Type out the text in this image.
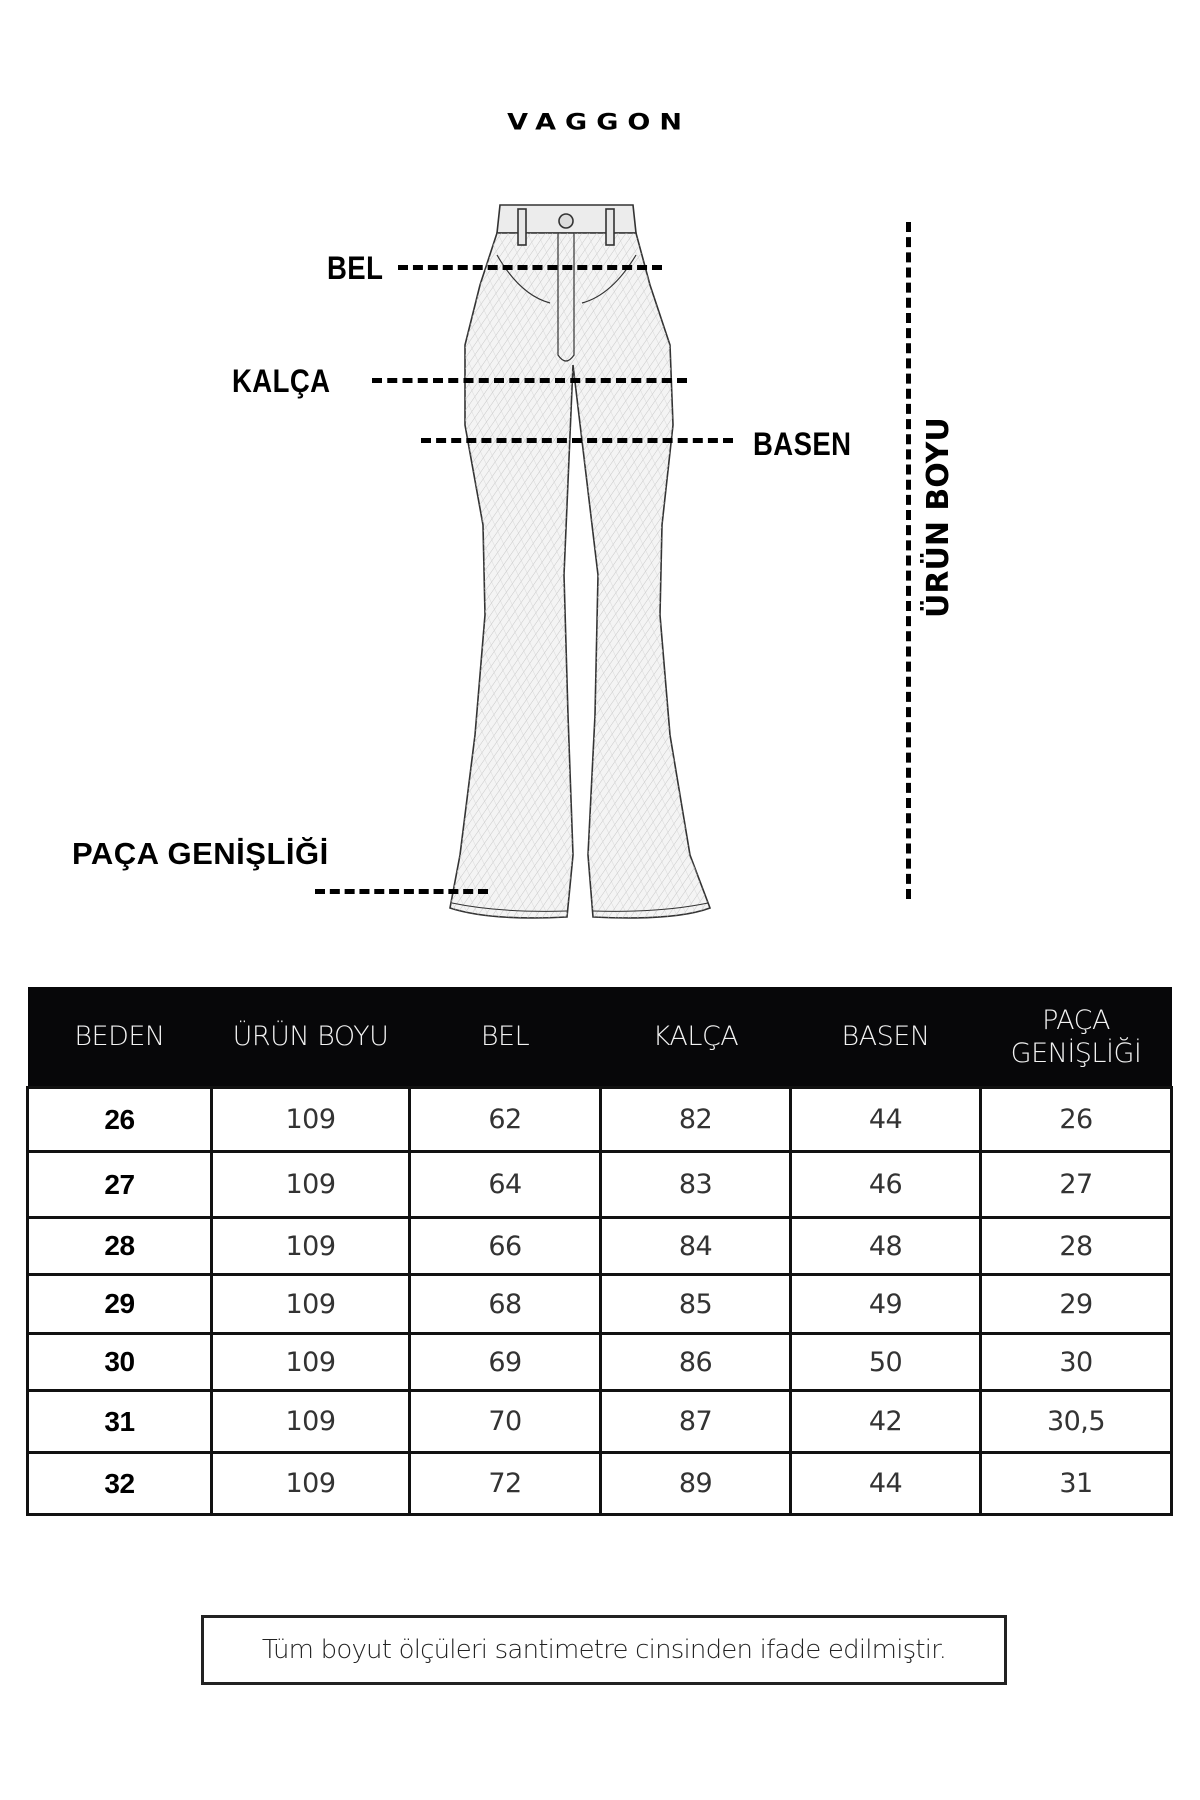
VAGGON
BEL
KALÇA
BASEN
PAÇA GENİŞLİĞİ
ÜRÜN BOYU
BEDEN	ÜRÜN BOYU	BEL	KALÇA	BASEN	PAÇA
GENİŞLİĞİ
26	109	62	82	44	26
27	109	64	83	46	27
28	109	66	84	48	28
29	109	68	85	49	29
30	109	69	86	50	30
31	109	70	87	42	30,5
32	109	72	89	44	31
Tüm boyut ölçüleri santimetre cinsinden ifade edilmiştir.
